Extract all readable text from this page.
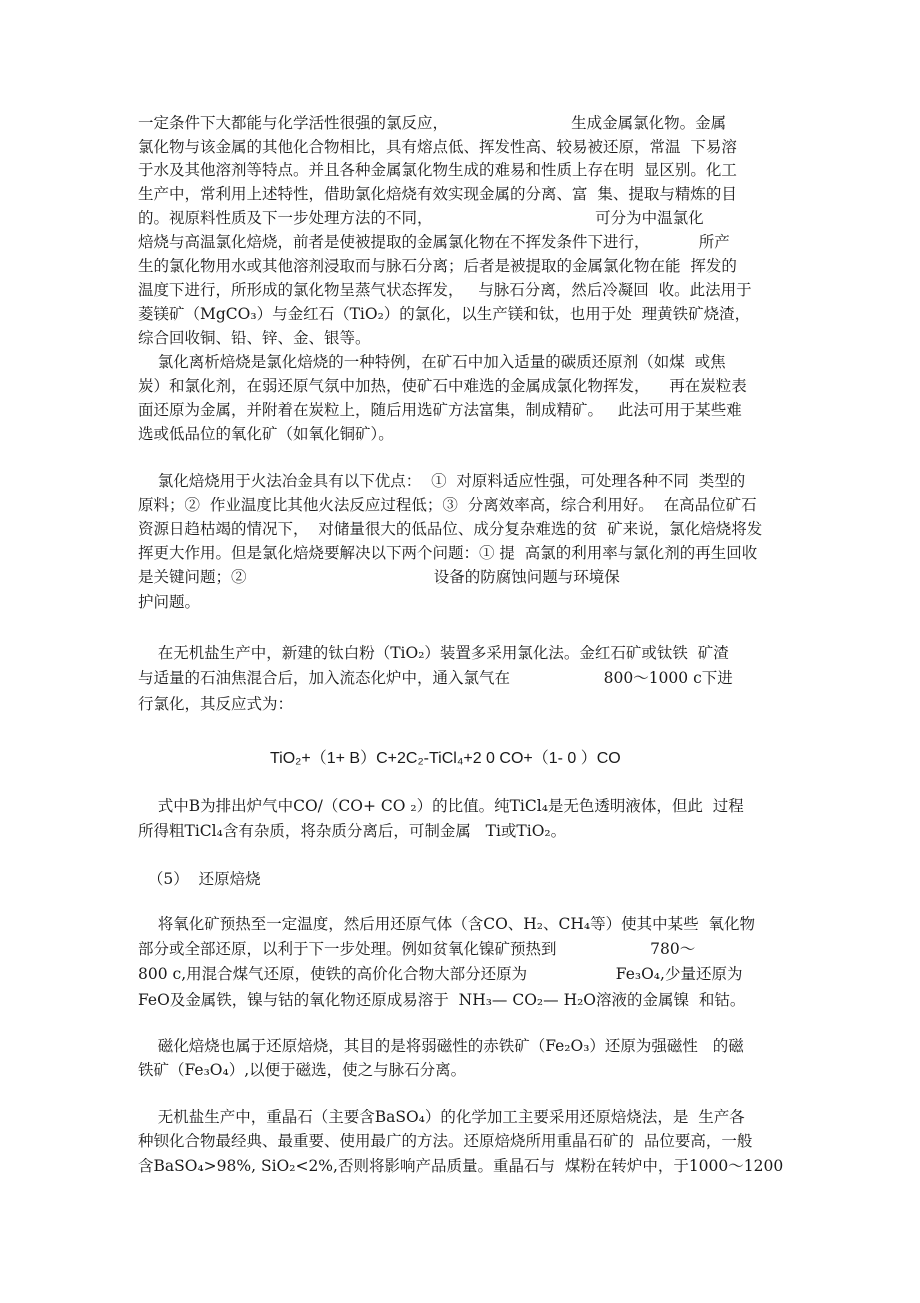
一定条件下大都能与化学活性很强的氯反应，                         生成金属氯化物。金属
氯化物与该金属的其他化合物相比，具有熔点低、挥发性高、较易被还原，常温  下易溶
于水及其他溶剂等特点。并且各种金属氯化物生成的难易和性质上存在明  显区别。化工
生产中，常利用上述特性，借助氯化焙烧有效实现金属的分离、富  集、提取与精炼的目
的。视原料性质及下一步处理方法的不同，                                 可分为中温氯化
焙烧与高温氯化焙烧，前者是使被提取的金属氯化物在不挥发条件下进行，          所产
生的氯化物用水或其他溶剂浸取而与脉石分离；后者是被提取的金属氯化物在能  挥发的
温度下进行，所形成的氯化物呈蒸气状态挥发，   与脉石分离，然后冷凝回  收。此法用于
菱镁矿（MgCO₃）与金红石（TiO₂）的氯化，以生产镁和钛，也用于处  理黄铁矿烧渣，
综合回收铜、铅、锌、金、银等。
氯化离析焙烧是氯化焙烧的一种特例，在矿石中加入适量的碳质还原剂（如煤  或焦
炭）和氯化剂，在弱还原气氛中加热，使矿石中难选的金属成氯化物挥发，    再在炭粒表
面还原为金属，并附着在炭粒上，随后用选矿方法富集，制成精矿。   此法可用于某些难
选或低品位的氧化矿（如氧化铜矿）。
氯化焙烧用于火法冶金具有以下优点：  ①  对原料适应性强，可处理各种不同  类型的
原料；②  作业温度比其他火法反应过程低；③  分离效率高，综合利用好。  在高品位矿石
资源日趋枯竭的情况下，  对储量很大的低品位、成分复杂难选的贫  矿来说，氯化焙烧将发
挥更大作用。但是氯化焙烧要解决以下两个问题：① 提  高氯的利用率与氯化剂的再生回收
是关键问题；②                                      设备的防腐蚀问题与环境保
护问题。
在无机盐生产中，新建的钛白粉（TiO₂）装置多采用氯化法。金红石矿或钛铁  矿渣
与适量的石油焦混合后，加入流态化炉中，通入氯气在                   800～1000 c下进
行氯化，其反应式为：
TiO₂+（1+ B）C+2C₂-TiCl₄+2 0 CO+（1- 0 ）CO
式中B为排出炉气中CO/（CO+ CO ₂）的比值。纯TiCl₄是无色透明液体，但此  过程
所得粗TiCl₄含有杂质，将杂质分离后，可制金属   Ti或TiO₂。
（5）  还原焙烧
将氧化矿预热至一定温度，然后用还原气体（含CO、H₂、CH₄等）使其中某些  氧化物
部分或全部还原，以利于下一步处理。例如贫氧化镍矿预热到                   780～
800 c,用混合煤气还原，使铁的高价化合物大部分还原为                  Fe₃O₄,少量还原为
FeO及金属铁，镍与钴的氧化物还原成易溶于  NH₃— CO₂— H₂O溶液的金属镍  和钴。
磁化焙烧也属于还原焙烧，其目的是将弱磁性的赤铁矿（Fe₂O₃）还原为强磁性   的磁
铁矿（Fe₃O₄）,以便于磁选，使之与脉石分离。
无机盐生产中，重晶石（主要含BaSO₄）的化学加工主要采用还原焙烧法，是  生产各
种钡化合物最经典、最重要、使用最广的方法。还原焙烧所用重晶石矿的  品位要高，一般
含BaSO₄>98%, SiO₂<2%,否则将影响产品质量。重晶石与  煤粉在转炉中，于1000～1200
